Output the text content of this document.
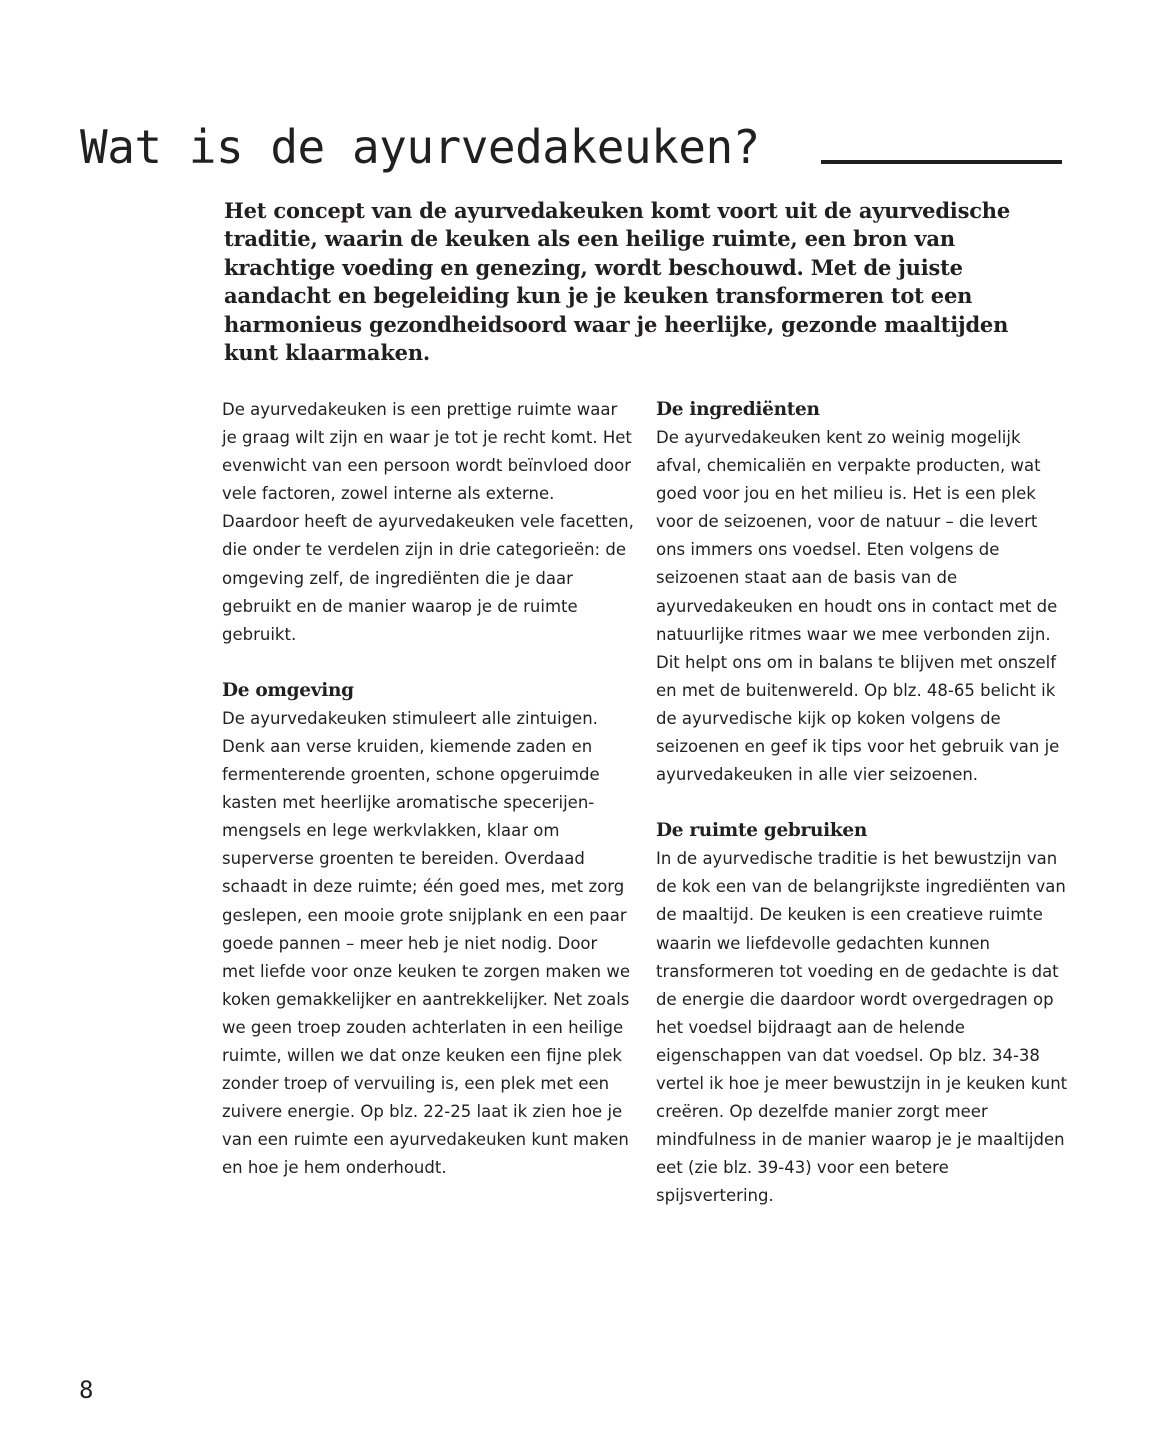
Wat is de ayurvedakeuken?

Het concept van de ayurvedakeuken komt voort uit de ayurvedische traditie, waarin de keuken als een heilige ruimte, een bron van krachtige voeding en genezing, wordt beschouwd. Met de juiste aandacht en begeleiding kun je je keuken transformeren tot een harmonieus gezondheidsoord waar je heerlijke, gezonde maaltijden kunt klaarmaken.

De ayurvedakeuken is een prettige ruimte waar je graag wilt zijn en waar je tot je recht komt. Het evenwicht van een persoon wordt beïnvloed door vele factoren, zowel interne als externe. Daardoor heeft de ayurvedakeuken vele facetten, die onder te verdelen zijn in drie categorieën: de omgeving zelf, de ingrediënten die je daar gebruikt en de manier waarop je de ruimte gebruikt.

De omgeving

De ayurvedakeuken stimuleert alle zintuigen. Denk aan verse kruiden, kiemende zaden en fermenterende groenten, schone opgeruimde kasten met heerlijke aromatische specerijenmengsels en lege werkvlakken, klaar om superverse groenten te bereiden. Overdaad schaadt in deze ruimte; één goed mes, met zorg geslepen, een mooie grote snijplank en een paar goede pannen – meer heb je niet nodig. Door met liefde voor onze keuken te zorgen maken we koken gemakkelijker en aantrekkelijker. Net zoals we geen troep zouden achterlaten in een heilige ruimte, willen we dat onze keuken een fijne plek zonder troep of vervuiling is, een plek met een zuivere energie. Op blz. 22-25 laat ik zien hoe je van een ruimte een ayurvedakeuken kunt maken en hoe je hem onderhoudt.

De ingrediënten

De ayurvedakeuken kent zo weinig mogelijk afval, chemicaliën en verpakte producten, wat goed voor jou en het milieu is. Het is een plek voor de seizoenen, voor de natuur – die levert ons immers ons voedsel. Eten volgens de seizoenen staat aan de basis van de ayurvedakeuken en houdt ons in contact met de natuurlijke ritmes waar we mee verbonden zijn. Dit helpt ons om in balans te blijven met onszelf en met de buitenwereld. Op blz. 48-65 belicht ik de ayurvedische kijk op koken volgens de seizoenen en geef ik tips voor het gebruik van je ayurvedakeuken in alle vier seizoenen.

De ruimte gebruiken

In de ayurvedische traditie is het bewustzijn van de kok een van de belangrijkste ingrediënten van de maaltijd. De keuken is een creatieve ruimte waarin we liefdevolle gedachten kunnen transformeren tot voeding en de gedachte is dat de energie die daardoor wordt overgedragen op het voedsel bijdraagt aan de helende eigenschappen van dat voedsel. Op blz. 34-38 vertel ik hoe je meer bewustzijn in je keuken kunt creëren. Op dezelfde manier zorgt meer mindfulness in de manier waarop je je maaltijden eet (zie blz. 39-43) voor een betere spijsvertering.

8
